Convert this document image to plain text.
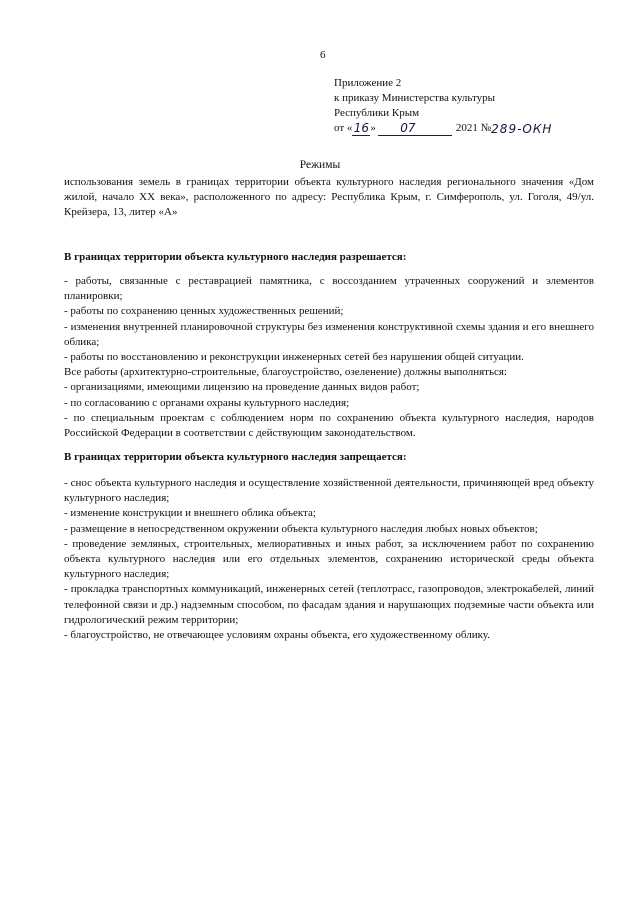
6
Приложение 2
к приказу Министерства культуры
Республики Крым
от « 16 »	07	2021 № 289-ОКН
Режимы
использования земель в границах территории объекта культурного наследия регионального значения «Дом жилой, начало XX века», расположенного по адресу: Республика Крым, г. Симферополь, ул. Гоголя, 49/ул. Крейзера, 13, литер «А»
В границах территории объекта культурного наследия разрешается:

- работы, связанные с реставрацией памятника, с воссозданием утраченных сооружений и элементов планировки;

- работы по сохранению ценных художественных решений;

- изменения внутренней планировочной структуры без изменения конструктивной схемы здания и его внешнего облика;

- работы по восстановлению и реконструкции инженерных сетей без нарушения общей ситуации.

Все работы (архитектурно-строительные, благоустройство, озеленение) должны выполняться:

- организациями, имеющими лицензию на проведение данных видов работ;

- по согласованию с органами охраны культурного наследия;

- по специальным проектам с соблюдением норм по сохранению объекта культурного наследия, народов Российской Федерации в соответствии с действующим законодательством.

В границах территории объекта культурного наследия запрещается:

- снос объекта культурного наследия и осуществление хозяйственной деятельности, причиняющей вред объекту культурного наследия;

- изменение конструкции и внешнего облика объекта;

- размещение в непосредственном окружении объекта культурного наследия любых новых объектов;

- проведение земляных, строительных, мелиоративных и иных работ, за исключением работ по сохранению объекта культурного наследия или его отдельных элементов, сохранению исторической среды объекта культурного наследия;

- прокладка транспортных коммуникаций, инженерных сетей (теплотрасс, газопроводов, электрокабелей, линий телефонной связи и др.) надземным способом, по фасадам здания и нарушающих подземные части объекта или гидрологический режим территории;

- благоустройство, не отвечающее условиям охраны объекта, его художественному облику.
